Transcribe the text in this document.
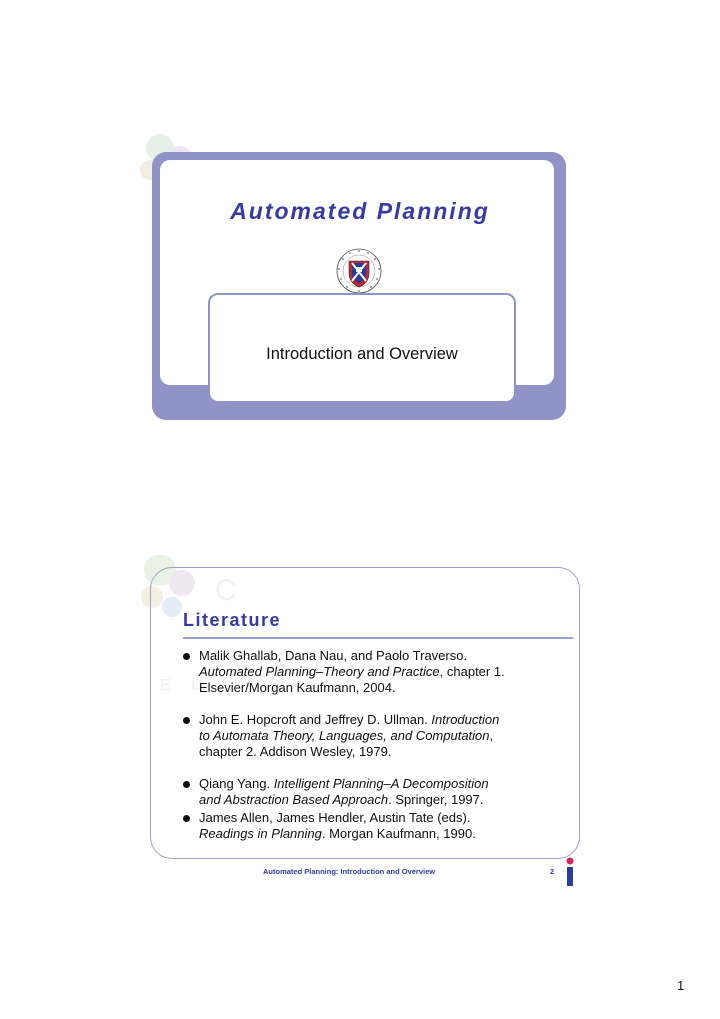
Automated Planning
Introduction and Overview
C
E D
Literature
Malik Ghallab, Dana Nau, and Paolo Traverso.
Automated Planning–Theory and Practice, chapter 1.
Elsevier/Morgan Kaufmann, 2004.
John E. Hopcroft and Jeffrey D. Ullman. Introduction
to Automata Theory, Languages, and Computation,
chapter 2. Addison Wesley, 1979.
Qiang Yang. Intelligent Planning–A Decomposition
and Abstraction Based Approach. Springer, 1997.
James Allen, James Hendler, Austin Tate (eds).
Readings in Planning. Morgan Kaufmann, 1990.
Automated Planning: Introduction and Overview	2
1
